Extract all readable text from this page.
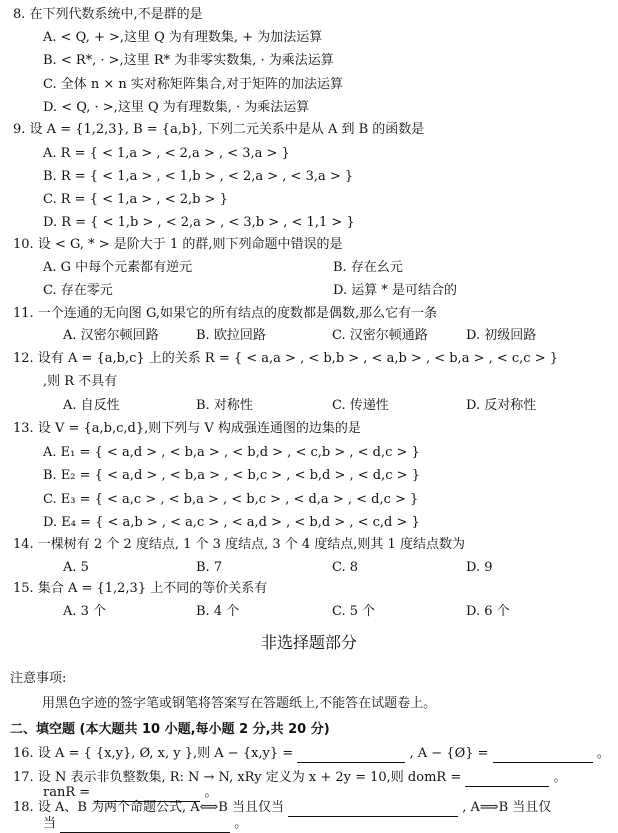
8. 在下列代数系统中,不是群的是
A. < Q, + >,这里 Q 为有理数集, + 为加法运算
B. < R*, · >,这里 R* 为非零实数集, · 为乘法运算
C. 全体 n × n 实对称矩阵集合,对于矩阵的加法运算
D. < Q, · >,这里 Q 为有理数集, · 为乘法运算
9. 设 A = {1,2,3}, B = {a,b}, 下列二元关系中是从 A 到 B 的函数是
A. R = { < 1,a > , < 2,a > , < 3,a > }
B. R = { < 1,a > , < 1,b > , < 2,a > , < 3,a > }
C. R = { < 1,a > , < 2,b > }
D. R = { < 1,b > , < 2,a > , < 3,b > , < 1,1 > }
10. 设 < G, * > 是阶大于 1 的群,则下列命题中错误的是
A. G 中每个元素都有逆元	B. 存在幺元
C. 存在零元	D. 运算 * 是可结合的
11. 一个连通的无向图 G,如果它的所有结点的度数都是偶数,那么它有一条
A. 汉密尔顿回路	B. 欧拉回路	C. 汉密尔顿通路	D. 初级回路
12. 设有 A = {a,b,c} 上的关系 R = { < a,a > , < b,b > , < a,b > , < b,a > , < c,c > }
,则 R 不具有
A. 自反性	B. 对称性	C. 传递性	D. 反对称性
13. 设 V = {a,b,c,d},则下列与 V 构成强连通图的边集的是
A. E₁ = { < a,d > , < b,a > , < b,d > , < c,b > , < d,c > }
B. E₂ = { < a,d > , < b,a > , < b,c > , < b,d > , < d,c > }
C. E₃ = { < a,c > , < b,a > , < b,c > , < d,a > , < d,c > }
D. E₄ = { < a,b > , < a,c > , < a,d > , < b,d > , < c,d > }
14. 一棵树有 2 个 2 度结点, 1 个 3 度结点, 3 个 4 度结点,则其 1 度结点数为
A. 5	B. 7	C. 8	D. 9
15. 集合 A = {1,2,3} 上不同的等价关系有
A. 3 个	B. 4 个	C. 5 个	D. 6 个
非选择题部分
注意事项:
用黑色字迹的签字笔或钢笔将答案写在答题纸上,不能答在试题卷上。
二、填空题 (本大题共 10 小题,每小题 2 分,共 20 分)
16. 设 A = { {x,y}, Ø, x, y },则 A − {x,y} =	, A − {Ø} =	。
17. 设 N 表示非负整数集, R: N → N, xRy 定义为 x + 2y = 10,则 domR =	。
ranR =	。
18. 设 A、B 为两个命题公式, A⟺B 当且仅当	, A⟹B 当且仅
当	。
